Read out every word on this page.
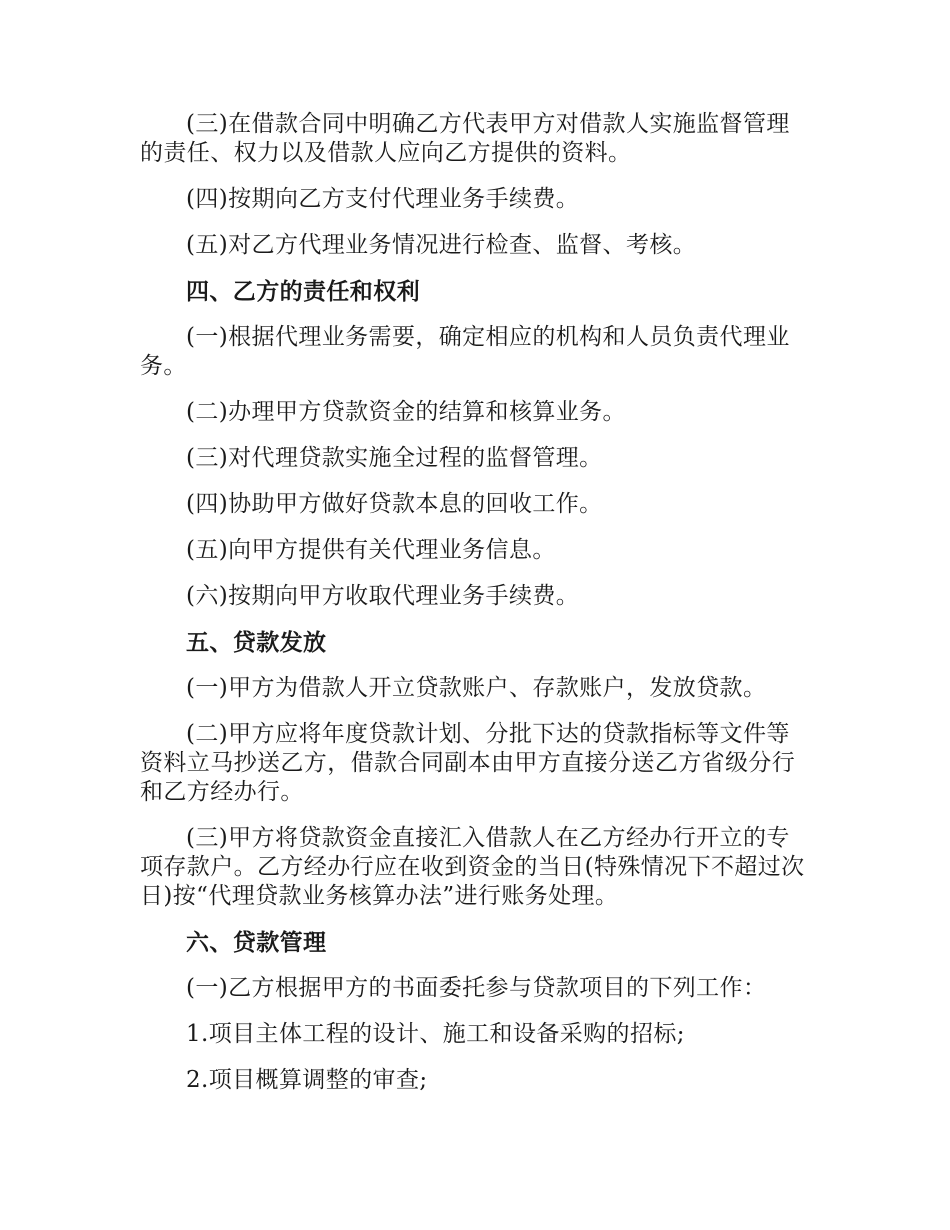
(三)在借款合同中明确乙方代表甲方对借款人实施监督管理的责任、权力以及借款人应向乙方提供的资料。

(四)按期向乙方支付代理业务手续费。

(五)对乙方代理业务情况进行检查、监督、考核。

四、乙方的责任和权利

(一)根据代理业务需要，确定相应的机构和人员负责代理业务。

(二)办理甲方贷款资金的结算和核算业务。

(三)对代理贷款实施全过程的监督管理。

(四)协助甲方做好贷款本息的回收工作。

(五)向甲方提供有关代理业务信息。

(六)按期向甲方收取代理业务手续费。

五、贷款发放

(一)甲方为借款人开立贷款账户、存款账户，发放贷款。

(二)甲方应将年度贷款计划、分批下达的贷款指标等文件等资料立马抄送乙方，借款合同副本由甲方直接分送乙方省级分行和乙方经办行。

(三)甲方将贷款资金直接汇入借款人在乙方经办行开立的专项存款户。乙方经办行应在收到资金的当日(特殊情况下不超过次日)按“代理贷款业务核算办法”进行账务处理。

六、贷款管理

(一)乙方根据甲方的书面委托参与贷款项目的下列工作：

1.项目主体工程的设计、施工和设备采购的招标;

2.项目概算调整的审查;
